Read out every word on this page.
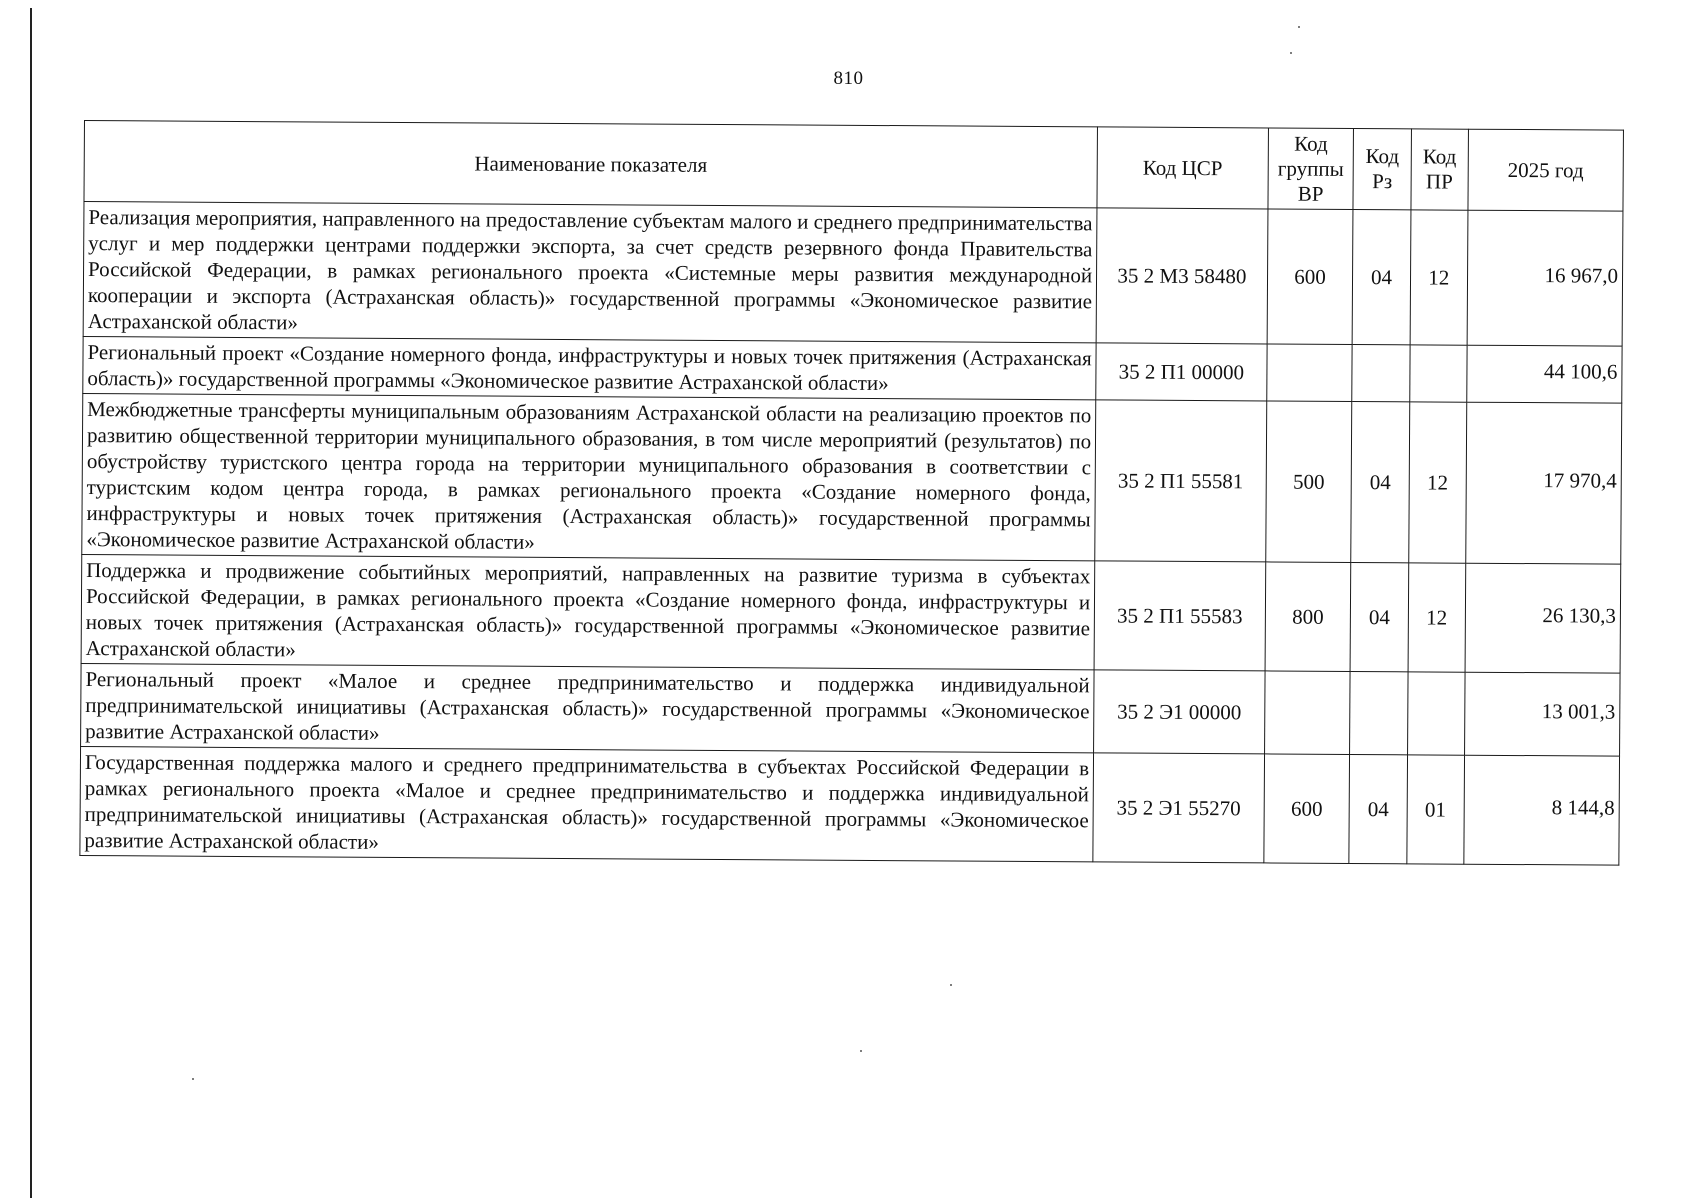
810
Наименование показателя	Код ЦСР	Код группы ВР	Код Рз	Код ПР	2025 год
Реализация мероприятия, направленного на предоставление субъектам малого и среднего предпринимательства услуг и мер поддержки центрами поддержки экспорта, за счет средств резервного фонда Правительства Российской Федерации, в рамках регионального проекта «Системные меры развития международной кооперации и экспорта (Астраханская область)» государственной программы «Экономическое развитие Астраханской области»	35 2 М3 58480	600	04	12	16 967,0
Региональный проект «Создание номерного фонда, инфраструктуры и новых точек притяжения (Астраханская область)» государственной программы «Экономическое развитие Астраханской области»	35 2 П1 00000				44 100,6
Межбюджетные трансферты муниципальным образованиям Астраханской области на реализацию проектов по развитию общественной территории муниципального образования, в том числе мероприятий (результатов) по обустройству туристского центра города на территории муниципального образования в соответствии с туристским кодом центра города, в рамках регионального проекта «Создание номерного фонда, инфраструктуры и новых точек притяжения (Астраханская область)» государственной программы «Экономическое развитие Астраханской области»	35 2 П1 55581	500	04	12	17 970,4
Поддержка и продвижение событийных мероприятий, направленных на развитие туризма в субъектах Российской Федерации, в рамках регионального проекта «Создание номерного фонда, инфраструктуры и новых точек притяжения (Астраханская область)» государственной программы «Экономическое развитие Астраханской области»	35 2 П1 55583	800	04	12	26 130,3
Региональный проект «Малое и среднее предпринимательство и поддержка индивидуальной предпринимательской инициативы (Астраханская область)» государственной программы «Экономическое развитие Астраханской области»	35 2 Э1 00000				13 001,3
Государственная поддержка малого и среднего предпринимательства в субъектах Российской Федерации в рамках регионального проекта «Малое и среднее предпринимательство и поддержка индивидуальной предпринимательской инициативы (Астраханская область)» государственной программы «Экономическое развитие Астраханской области»	35 2 Э1 55270	600	04	01	8 144,8
